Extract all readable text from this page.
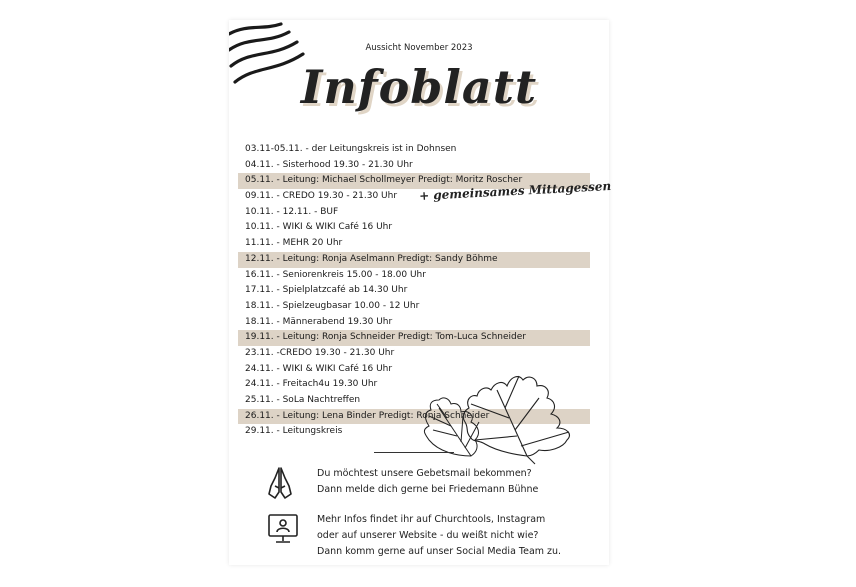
Aussicht November 2023
Infoblatt
03.11-05.11. - der Leitungskreis ist in Dohnsen
04.11. - Sisterhood 19.30 - 21.30 Uhr
05.11. - Leitung: Michael Schollmeyer Predigt: Moritz Roscher
09.11. - CREDO 19.30 - 21.30 Uhr
10.11. - 12.11. - BUF
10.11. - WIKI & WIKI Café 16 Uhr
11.11. - MEHR 20 Uhr
12.11. - Leitung: Ronja Aselmann Predigt: Sandy Böhme
16.11. - Seniorenkreis 15.00 - 18.00 Uhr
17.11. - Spielplatzcafé ab 14.30 Uhr
18.11. - Spielzeugbasar 10.00 - 12 Uhr
18.11. - Männerabend 19.30 Uhr
19.11. - Leitung: Ronja Schneider Predigt: Tom-Luca Schneider
23.11. -CREDO 19.30 - 21.30 Uhr
24.11. - WIKI & WIKI Café 16 Uhr
24.11. - Freitach4u 19.30 Uhr
25.11. - SoLa Nachtreffen
26.11. - Leitung: Lena Binder Predigt: Ronja Schneider
29.11. - Leitungskreis
+ gemeinsames Mittagessen
Du möchtest unsere Gebetsmail bekommen?
Dann melde dich gerne bei Friedemann Bühne
Mehr Infos findet ihr auf Churchtools, Instagram
oder auf unserer Website - du weißt nicht wie?
Dann komm gerne auf unser Social Media Team zu.
